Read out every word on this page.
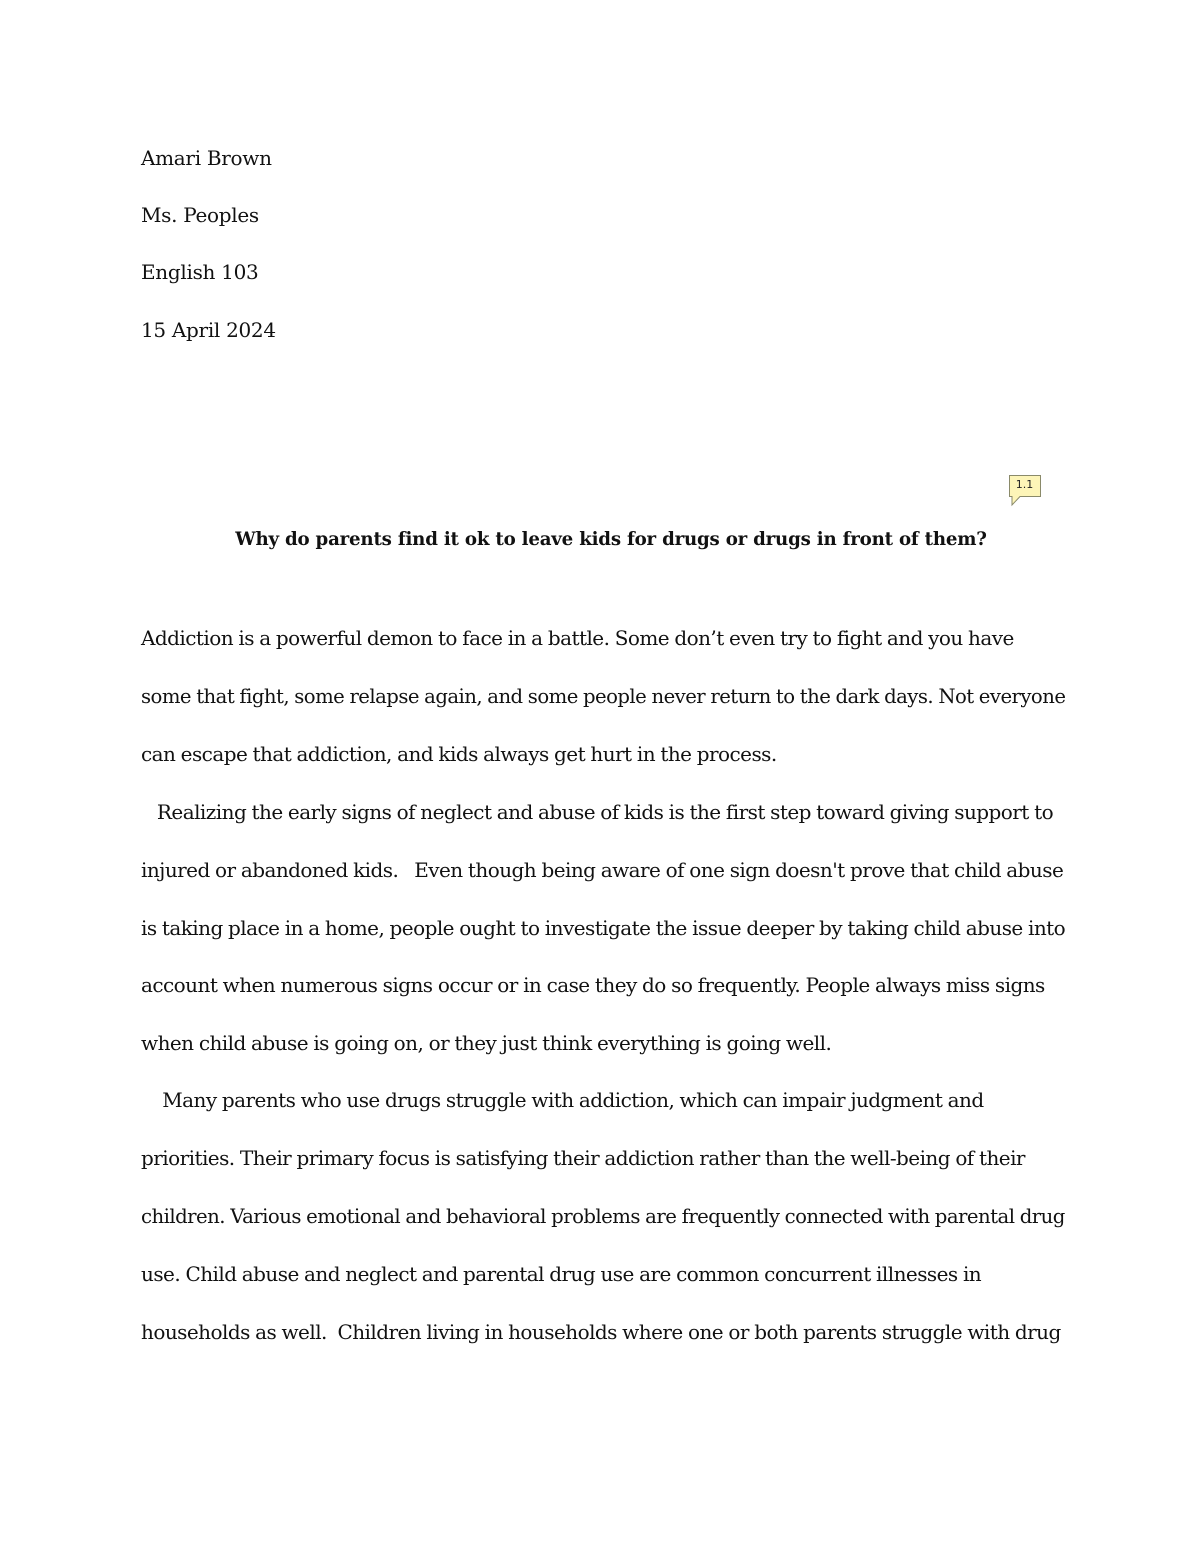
Amari Brown
Ms. Peoples
English 103
15 April 2024
1.1
Why do parents find it ok to leave kids for drugs or drugs in front of them?
Addiction is a powerful demon to face in a battle. Some don’t even try to fight and you have
some that fight, some relapse again, and some people never return to the dark days. Not everyone
can escape that addiction, and kids always get hurt in the process.
Realizing the early signs of neglect and abuse of kids is the first step toward giving support to
injured or abandoned kids.   Even though being aware of one sign doesn't prove that child abuse
is taking place in a home, people ought to investigate the issue deeper by taking child abuse into
account when numerous signs occur or in case they do so frequently. People always miss signs
when child abuse is going on, or they just think everything is going well.
Many parents who use drugs struggle with addiction, which can impair judgment and
priorities. Their primary focus is satisfying their addiction rather than the well-being of their
children. Various emotional and behavioral problems are frequently connected with parental drug
use. Child abuse and neglect and parental drug use are common concurrent illnesses in
households as well.  Children living in households where one or both parents struggle with drug
